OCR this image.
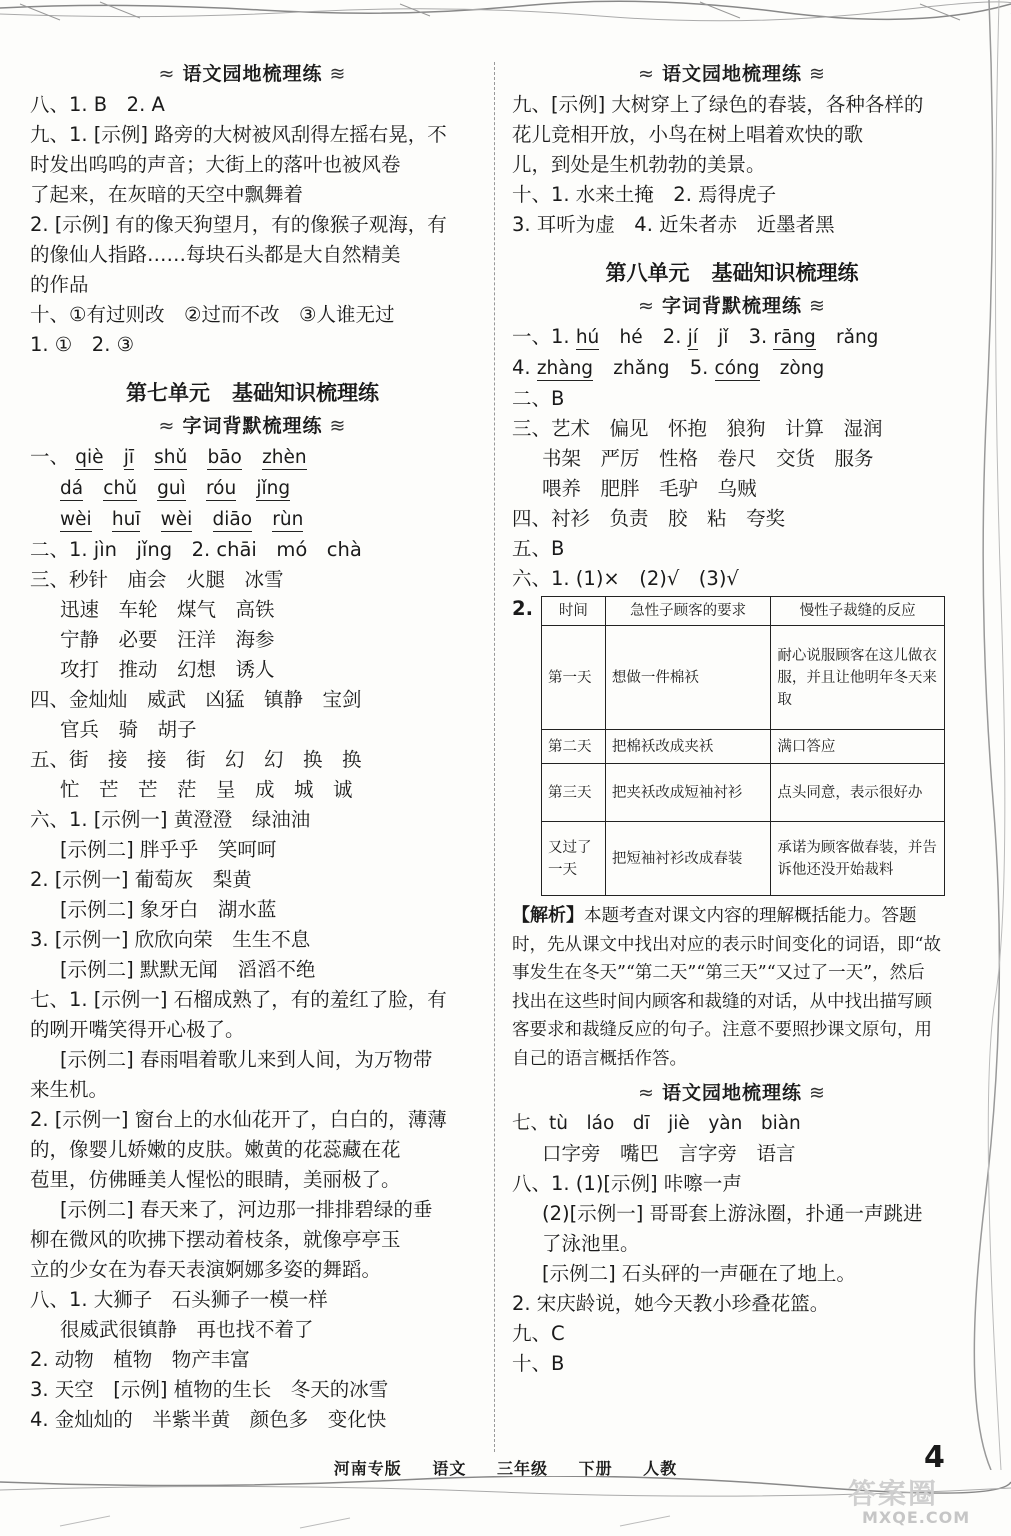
≈ 语文园地梳理练 ≋
八、1. B　2. A
九、1. [示例] 路旁的大树被风刮得左摇右晃，不
时发出呜呜的声音；大街上的落叶也被风卷
了起来，在灰暗的天空中飘舞着
2. [示例] 有的像天狗望月，有的像猴子观海，有
的像仙人指路……每块石头都是大自然精美
的作品
十、①有过则改　②过而不改　③人谁无过
1. ①　2. ③
第七单元 基础知识梳理练
≈ 字词背默梳理练 ≋
一、 qiè jī shǔ bāo zhèn
dá chǔ guì róu jǐng
wèi huī wèi diāo rùn
二、1. jìn　jǐng　2. chāi　mó　chà
三、秒针　庙会　火腿　冰雪
迅速　车轮　煤气　高铁
宁静　必要　汪洋　海参
攻打　推动　幻想　诱人
四、金灿灿　威武　凶猛　镇静　宝剑
官兵　骑　胡子
五、街　接　接　街　幻　幻　换　换
忙　芒　芒　茫　呈　成　城　诚
六、1. [示例一] 黄澄澄　绿油油
[示例二] 胖乎乎　笑呵呵
2. [示例一] 葡萄灰　梨黄
[示例二] 象牙白　湖水蓝
3. [示例一] 欣欣向荣　生生不息
[示例二] 默默无闻　滔滔不绝
七、1. [示例一] 石榴成熟了，有的羞红了脸，有
的咧开嘴笑得开心极了。
[示例二] 春雨唱着歌儿来到人间，为万物带
来生机。
2. [示例一] 窗台上的水仙花开了，白白的，薄薄
的，像婴儿娇嫩的皮肤。嫩黄的花蕊藏在花
苞里，仿佛睡美人惺忪的眼睛，美丽极了。
[示例二] 春天来了，河边那一排排碧绿的垂
柳在微风的吹拂下摆动着枝条，就像亭亭玉
立的少女在为春天表演婀娜多姿的舞蹈。
八、1. 大狮子　石头狮子一模一样
很威武很镇静　再也找不着了
2. 动物　植物　物产丰富
3. 天空　[示例] 植物的生长　冬天的冰雪
4. 金灿灿的　半紫半黄　颜色多　变化快
≈ 语文园地梳理练 ≋
九、[示例] 大树穿上了绿色的春装，各种各样的
花儿竞相开放，小鸟在树上唱着欢快的歌
儿，到处是生机勃勃的美景。
十、1. 水来土掩　2. 焉得虎子
3. 耳听为虚　4. 近朱者赤　近墨者黑
第八单元 基础知识梳理练
≈ 字词背默梳理练 ≋
一、1. hú hé 2. jí jǐ 3. rāng rǎng
4. zhàng zhǎng 5. cóng zòng
二、B
三、艺术　偏见　怀抱　狼狗　计算　湿润
书架　严厉　性格　卷尺　交货　服务
喂养　肥胖　毛驴　乌贼
四、衬衫　负责　胶　粘　夸奖
五、B
六、1. (1)×　(2)√　(3)√
2. 时间	急性子顾客的要求	慢性子裁缝的反应
第一天	想做一件棉袄	耐心说服顾客在这儿做衣服，并且让他明年冬天来取
第二天	把棉袄改成夹袄	满口答应
第三天	把夹袄改成短袖衬衫	点头同意，表示很好办
又过了一天	把短袖衬衫改成春装	承诺为顾客做春装，并告诉他还没开始裁料
【解析】本题考查对课文内容的理解概括能力。答题时，先从课文中找出对应的表示时间变化的词语，即“故事发生在冬天”“第二天”“第三天”“又过了一天”，然后找出在这些时间内顾客和裁缝的对话，从中找出描写顾客要求和裁缝反应的句子。注意不要照抄课文原句，用自己的语言概括作答。
≈ 语文园地梳理练 ≋
七、tù　láo　dī　jiè　yàn　biàn
口字旁　嘴巴　言字旁　语言
八、1. (1)[示例] 咔嚓一声
(2)[示例一] 哥哥套上游泳圈，扑通一声跳进
了泳池里。
[示例二] 石头砰的一声砸在了地上。
2. 宋庆龄说，她今天教小珍叠花篮。
九、C
十、B
河南专版 语文 三年级 下册 人教	4
答案圈
MXQE.COM
